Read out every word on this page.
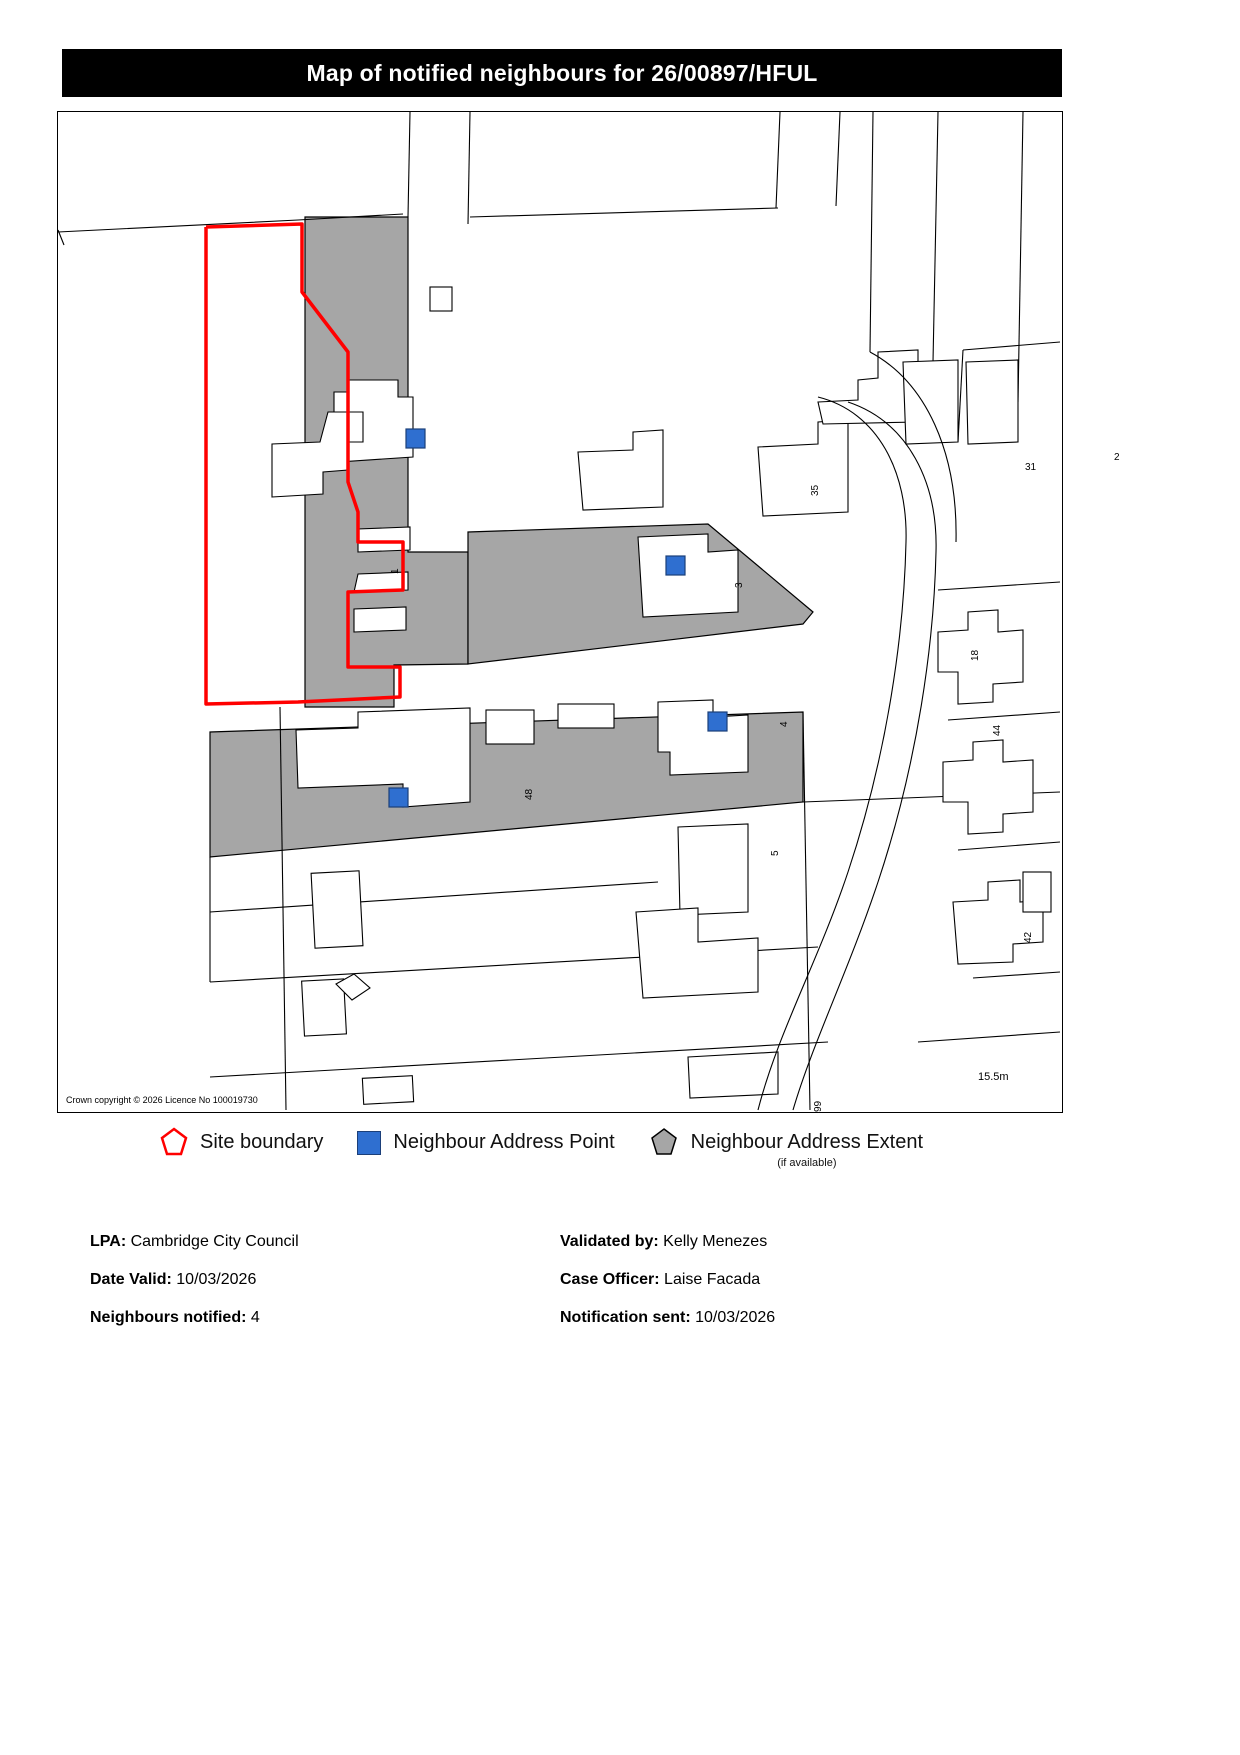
Map of notified neighbours for 26/00897/HFUL
1
3
35
31
2
48
4
5
18
44
42
99
15.5m
Crown copyright © 2026 Licence No 100019730
Site boundary	Neighbour Address Point	Neighbour Address Extent
(if available)
LPA: Cambridge City Council
Date Valid: 10/03/2026
Neighbours notified: 4
Validated by: Kelly Menezes
Case Officer: Laise Facada
Notification sent: 10/03/2026
